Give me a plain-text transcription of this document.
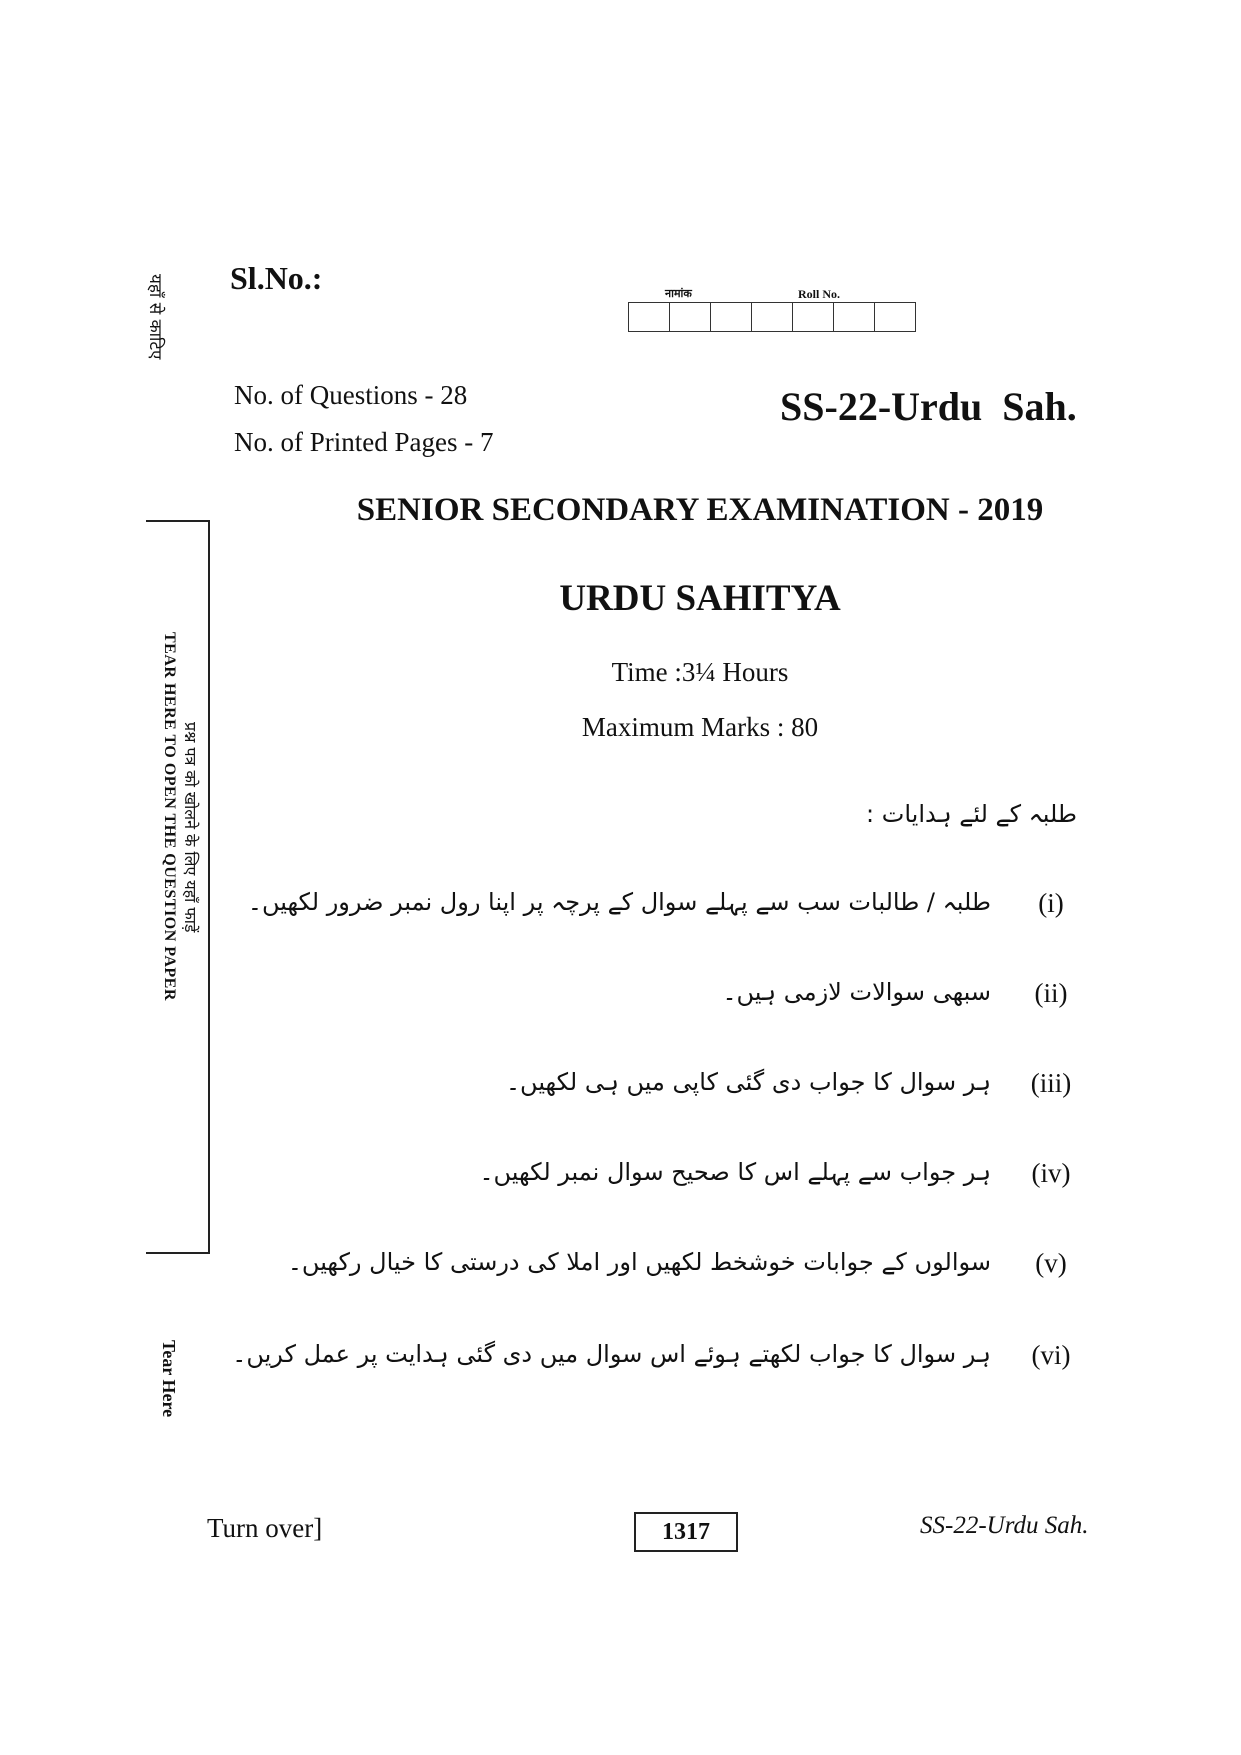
यहाँ से काटिए
प्रश्न पत्र को खोलने के लिए यहाँ फाड़ें
TEAR HERE TO OPEN THE QUESTION PAPER
Tear Here
Sl.No.:	नामांक	Roll No.
No. of Questions - 28
No. of Printed Pages - 7
SS-22-Urdu Sah.
SENIOR SECONDARY EXAMINATION - 2019
URDU SAHITYA
Time :3¼ Hours
Maximum Marks : 80
طلبہ کے لئے ہدایات :
(i)
طلبہ / طالبات سب سے پہلے سوال کے پرچہ پر اپنا رول نمبر ضرور لکھیں۔
(ii)
سبھی سوالات لازمی ہیں۔
(iii)
ہر سوال کا جواب دی گئی کاپی میں ہی لکھیں۔
(iv)
ہر جواب سے پہلے اس کا صحیح سوال نمبر لکھیں۔
(v)
سوالوں کے جوابات خوشخط لکھیں اور املا کی درستی کا خیال رکھیں۔
(vi)
ہر سوال کا جواب لکھتے ہوئے اس سوال میں دی گئی ہدایت پر عمل کریں۔
Turn over]	1317	SS-22-Urdu Sah.
